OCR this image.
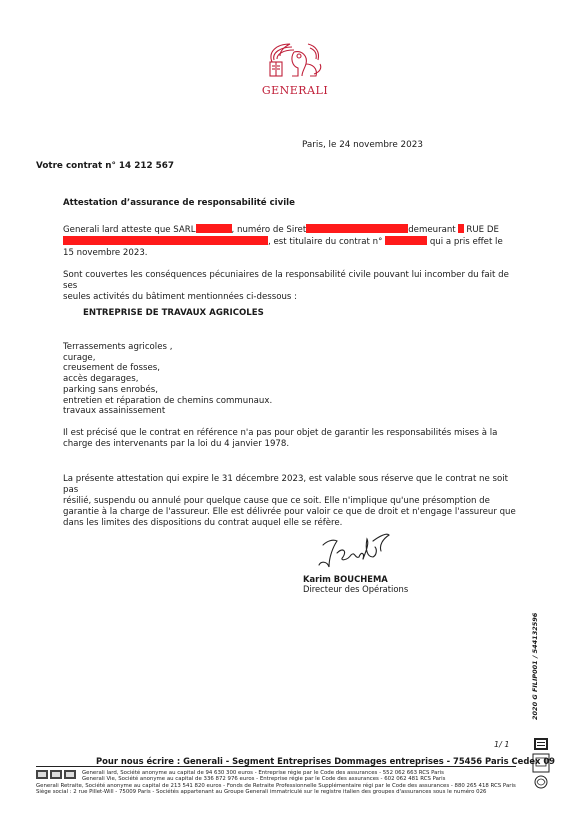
GENERALI
Paris, le 24 novembre 2023
Votre contrat n° 14 212 567
Attestation d’assurance de responsabilité civile
Generali lard atteste que SARL	, numéro de Siret	demeurant RUE DE
, est titulaire du contrat n°	qui a pris effet le
15 novembre 2023.
Sont couvertes les conséquences pécuniaires de la responsabilité civile pouvant lui incomber du fait de ses
seules activités du bâtiment mentionnées ci-dessous :
ENTREPRISE DE TRAVAUX AGRICOLES
Terrassements agricoles ,
curage,
creusement de fosses,
accès degarages,
parking sans enrobés,
entretien et réparation de chemins communaux.
travaux assainissement
Il est précisé que le contrat en référence n'a pas pour objet de garantir les responsabilités mises à la
charge des intervenants par la loi du 4 janvier 1978.
La présente attestation qui expire le 31 décembre 2023, est valable sous réserve que le contrat ne soit pas
résilié, suspendu ou annulé pour quelque cause que ce soit. Elle n'implique qu'une présomption de
garantie à la charge de l'assureur. Elle est délivrée pour valoir ce que de droit et n'engage l'assureur que
dans les limites des dispositions du contrat auquel elle se réfère.
Karim BOUCHEMA
Directeur des Opérations
2020 G FILIP001 / 544132596
1/ 1
Pour nous écrire : Generali - Segment Entreprises Dommages entreprises - 75456 Paris Cedex 09
Generali lard, Société anonyme au capital de 94 630 300 euros - Entreprise régie par le Code des assurances - 552 062 663 RCS Paris
Generali Vie, Société anonyme au capital de 336 872 976 euros - Entreprise régie par le Code des assurances - 602 062 481 RCS Paris
Generali Retraite, Société anonyme au capital de 213 541 820 euros - Fonds de Retraite Professionnelle Supplémentaire régi par le Code des assurances - 880 265 418 RCS Paris
Siège social : 2 rue Pillet-Will - 75009 Paris - Sociétés appartenant au Groupe Generali immatriculé sur le registre italien des groupes d'assurances sous le numéro 026
